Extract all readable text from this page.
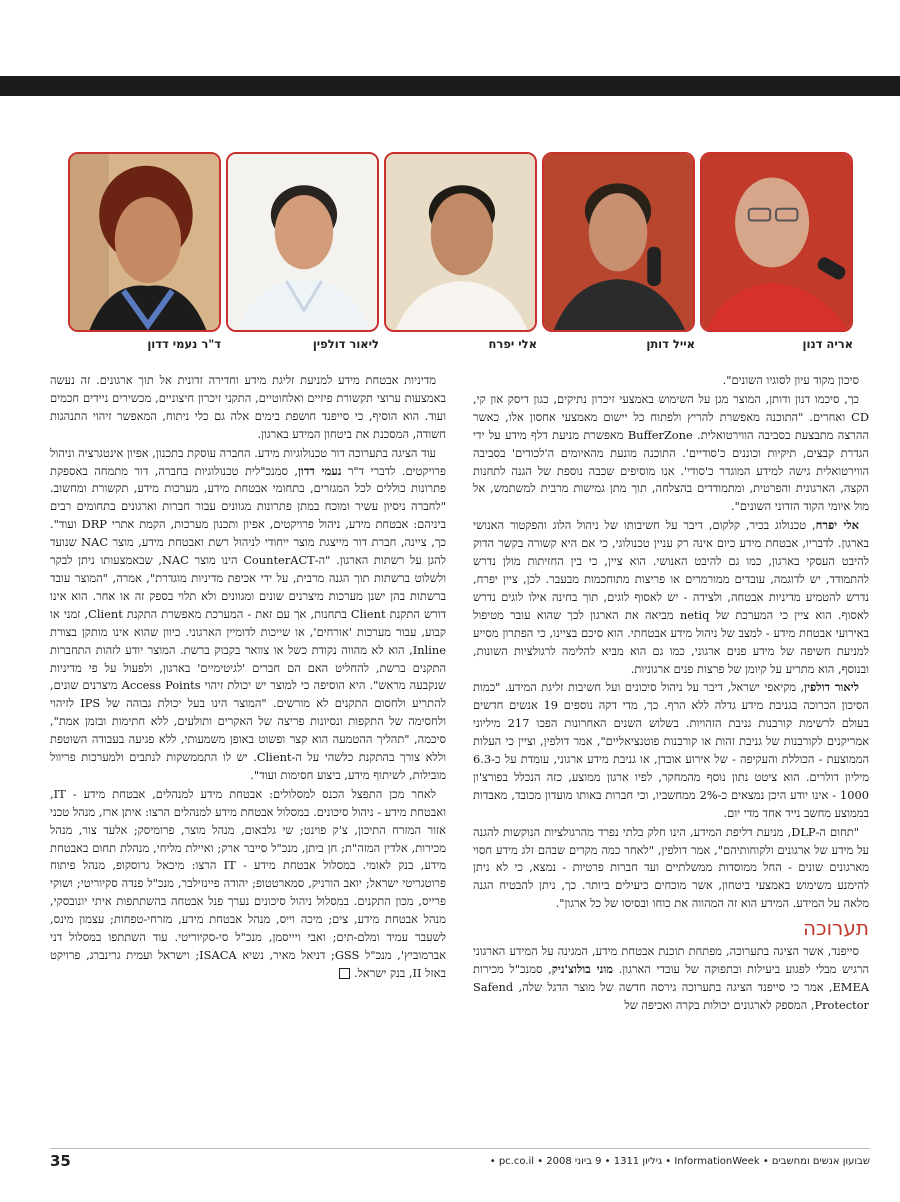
ד"ר נעמי דדון	ליאור דולפין	אלי יפרח	אייל דותן	אריה דנון

סיכון מקוד עיון לסוגיו השונים".

כך, סיכמו דנון ודותן, המוצר מגן על השימוש באמצעי זיכרון נתיקים, כגון דיסק און קי, CD ואחרים. "התוכנה מאפשרת להריץ ולפתוח כל יישום מאמצעי אחסון אלו, כאשר ההרצה מתבצעת בסביבה הווירטואלית. BufferZone מאפשרת מניעת דלף מידע על ידי הגדרת קבצים, תיקיות וכוננים כ'סודיים'. התוכנה מונעת מהאיומים ה'לכודים' בסביבה הווירטואלית גישה למידע המוגדר כ'סודי'. אנו מוסיפים שכבה נוספת של הגנה לתחנות הקצה, הארגונית והפרטית, ומתמודדים בהצלחה, תוך מתן גמישות מרבית למשתמש, אל מול איומי הקוד הזדוני השונים".

אלי יפרח, טכנולוג בכיר, קלקום, דיבר על חשיבותו של ניהול הלוג והפקטור האנושי בארגון. לדבריו, אבטחת מידע כיום אינה רק עניין טכנולוגי, כי אם היא קשורה בקשר הדוק להיבט העסקי בארגון, כמו גם להיבט האנושי. הוא ציין, כי בין החזיתות מולן נדרש להתמודד, יש לדוגמה, עובדים ממורמרים או פריצות מתוחכמות מבעבר. לכן, ציין יפרח, נדרש להטמיע מדיניות אבטחה, ולצידה - יש לאסוף לוגים, תוך בחינה אילו לוגים נדרש לאסוף. הוא ציין כי המערכת של netiq מביאה את הארגון לכך שהוא עובר מטיפול באירועי אבטחת מידע - למצב של ניהול מידע אבטחתי. הוא סיכם בציינו, כי הפתרון מסייע למניעת חשיפה של מידע פנים ארגוני, כמו גם הוא מביא להלימה לרגולציות השונות, ובנוסף, הוא מתריע על קיומן של פרצות פנים ארגוניות.

ליאור דולפין, מקיאפי ישראל, דיבר על ניהול סיכונים ועל חשיבות זליגת המידע. "כמות הסיכון הכרוכה בגניבת מידע גדלה ללא הרף. כך, מדי דקה נוספים 19 אנשים חדשים בעולם לרשימת קורבנות גניבת הזהויות. בשלוש השנים האחרונות הפכו 217 מיליוני אמריקנים לקורבנות של גניבת זהות או קורבנות פוטנציאליים", אמר דולפין, וציין כי העלות הממוצעת - הכוללת והעקיפה - של אירוע אובדן, או גניבת מידע ארגוני, עומדת על כ-6.3 מיליון דולרים. הוא ציטט נתון נוסף מהמחקר, לפיו ארגון ממוצע, כזה הנכלל בפורצ'ון 1000 - אינו יודע היכן נמצאים כ-2% ממחשביו, וכי חברות באותו מועדון מכובד, מאבדות בממוצע מחשב נייד אחד מדי יום.

"תחום ה-DLP, מניעת דליפת המידע, הינו חלק בלתי נפרד מהרגולציות הנוקשות להגנה על מידע של ארגונים ולקוחותיהם", אמר דולפין, "לאחר כמה מקרים שבהם זלג מידע חסוי מארגונים שונים - החל ממוסדות ממשלתיים ועד חברות פרטיות - נמצא, כי לא ניתן להימנע משימוש באמצעי ביטחון, אשר מוכחים כיעילים ביותר. כך, ניתן להבטיח הגנה מלאה על המידע. המידע הוא זה המהווה את כוחו ובסיסו של כל ארגון".

תערוכה

סייפנד, אשר הציגה בתערוכה, מפתחת תוכנת אבטחת מידע, המגינה על המידע הארגוני הרגיש מבלי לפגוע ביעילות ובתפוקה של עובדי הארגון. מוני בולוצ'ניק, סמנכ"ל מכירות EMEA, אמר כי סייפנד הציגה בתערוכה גירסה חדשה של מוצר הדגל שלה, Safend Protector, המספק לארגונים יכולות בקרה ואכיפה של

מדיניות אבטחת מידע למניעת זליגת מידע וחדירה זדונית אל תוך ארגונים. זה נעשה באמצעות ערוצי תקשורת פיזיים ואלחוטיים, התקני זיכרון חיצוניים, מכשירים ניידים חכמים ועוד. הוא הוסיף, כי סייפנד חושפת בימים אלה גם כלי ניתוח, המאפשר זיהוי התנהגות חשודה, המסכנת את ביטחון המידע בארגון.

עוד הציגה בתערוכה דור טכנולוגיות מידע. החברה עוסקת בתכנון, אפיון אינטגרציה וניהול פרויקטים. לדברי ד"ר נעמי דדון, סמנכ"לית טכנולוגיות בחברה, דור מתמחה באספקת פתרונות כוללים לכל המגזרים, בתחומי אבטחת מידע, מערכות מידע, תקשורת ומחשוב. "לחברה ניסיון עשיר ומוכח במתן פתרונות מגוונים עבור חברות וארגונים בתחומים רבים ביניהם: אבטחת מידע, ניהול פרויקטים, אפיון ותכנון מערכות, הקמת אתרי DRP ועוד". כך, ציינה, חברת דור מייצגת מוצר ייחודי לניהול רשת ואבטחת מידע, מוצר NAC שנועד להגן על רשתות הארגון. "ה-CounterACT הינו מוצר NAC, שבאמצעותו ניתן לבקר ולשלוט ברשתות תוך הגנה מרבית, על ידי אכיפת מדיניות מוגדרת", אמרה, "המוצר עובד ברשתות בהן ישנן מערכות מיצרנים שונים ומגוונים ולא תלוי בספק זה או אחר. הוא אינו דורש התקנת Client בתחנות, אך עם זאת - המערכת מאפשרת התקנת Client, זמני או קבוע, עבור מערכות 'אורחים', או שייכות לדומיין הארגוני. כיוון שהוא אינו מותקן בצורת Inline, הוא לא מהווה נקודת כשל או צוואר בקבוק ברשת. המוצר יודע לזהות התחברות התקנים ברשת, להחליט האם הם חברים 'לגיטימיים' בארגון, ולפעול על פי מדיניות שנקבעה מראש". היא הוסיפה כי למוצר יש יכולת זיהוי Access Points מיצרנים שונים, להתריע ולחסום התקנים לא מורשים. "המוצר הינו בעל יכולת גבוהה של IPS לזיהוי ולחסימה של התקפות ונסיונות פריצה של האקרים ותולעים, ללא חתימות ובזמן אמת", סיכמה, "תהליך ההטמעה הוא קצר ופשוט באופן משמעותי, ללא פגיעה בעבודה השוטפת וללא צורך בהתקנת כלשהי על ה-Client. יש לו התממשקות לנתבים ולמערכות פריוול מובילות, לשיתוף מידע, ביצוע חסימות ועוד".

לאחר מכן התפצל הכנס למסלולים: אבטחת מידע למנהלים, אבטחת מידע - IT, ואבטחת מידע - ניהול סיכונים. במסלול אבטחת מידע למנהלים הרצו: איתן ארז, מנהל טכני אזור המזרח התיכון, צ'ק פוינט; שי גלבאום, מנהל מוצר, פרומיסק; אלעד צור, מנהל מכירות, אלדין המזה"ת; חן ביתן, מנכ"ל סייבר ארק; ואיילת מליחי, מנהלת תחום באבטחת מידע, בנק לאומי. במסלול אבטחת מידע - IT הרצו: מיכאל גרוסקופ, מנהל פיתוח פרוטגריטי ישראל; יואב הורניק, סמארטטופ; יהודה פיינזילבר, מנכ"ל פנדה סקיוריטי; ושוקי פרייס, מכון התקנים. במסלול ניהול סיכונים נערך פנל אבטחה בהשתתפות איתי יונובסקי, מנהל אבטחת מידע, צים; מיכה וייס, מנהל אבטחת מידע, מזרחי-טפחות; עצמון מינס, לשעבר עמיד ומלם-תים; ואבי ויייסמן, מנכ"ל סי-סקיוריטי. עוד השתתפו במסלול דני אברמוביץ', מנכ"ל GSS; דניאל מאיר, נשיא ISACA; וישראל ועמית גרינברג, פרויקט באזל II, בנק ישראל.

35	שבועון אנשים ומחשבים • InformationWeek • גיליון 1311 • 9 ביוני 2008 • pc.co.il •
